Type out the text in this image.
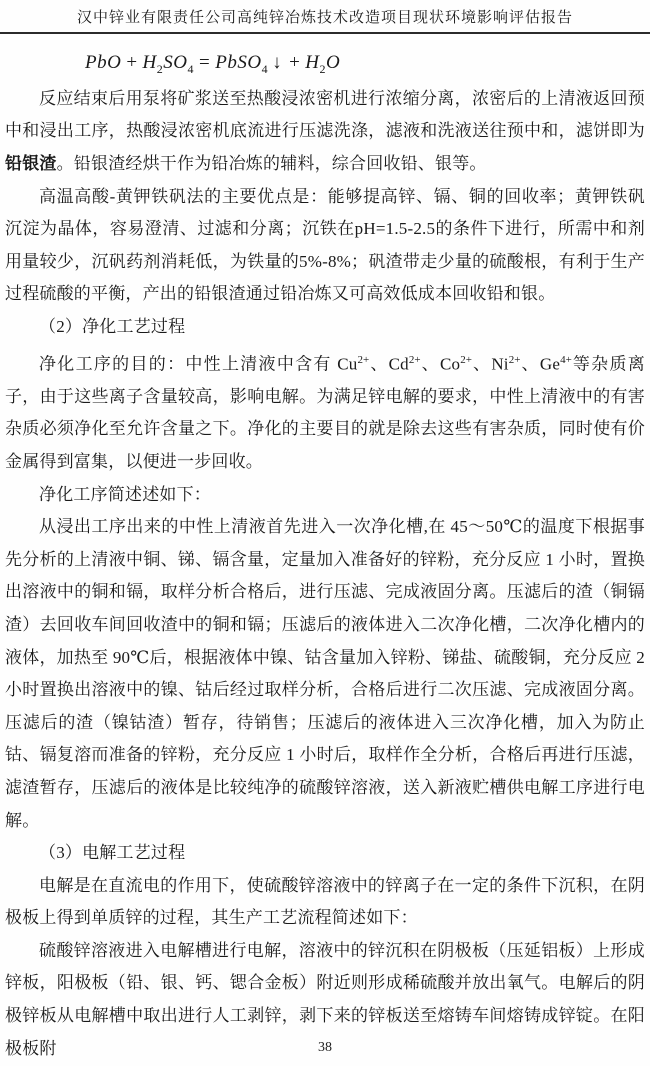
汉中锌业有限责任公司高纯锌冶炼技术改造项目现状环境影响评估报告
PbO + $H_2SO_4$ = PbSO$_4$ ↓ + $H_2O$

反应结束后用泵将矿浆送至热酸浸浓密机进行浓缩分离，浓密后的上清液返回预中和浸出工序，热酸浸浓密机底流进行压滤洗涤，滤液和洗液送往预中和，滤饼即为铅银渣。铅银渣经烘干作为铅冶炼的辅料，综合回收铅、银等。

高温高酸-黄钾铁矾法的主要优点是：能够提高锌、镉、铜的回收率；黄钾铁矾沉淀为晶体，容易澄清、过滤和分离；沉铁在pH=1.5-2.5的条件下进行，所需中和剂用量较少，沉矾药剂消耗低，为铁量的5%-8%；矾渣带走少量的硫酸根，有利于生产过程硫酸的平衡，产出的铅银渣通过铅冶炼又可高效低成本回收铅和银。

（2）净化工艺过程

净化工序的目的：中性上清液中含有 $Cu^{2+}$、$Cd^{2+}$、$Co^{2+}$、$Ni^{2+}$、$Ge^{4+}$等杂质离子，由于这些离子含量较高，影响电解。为满足锌电解的要求，中性上清液中的有害杂质必须净化至允许含量之下。净化的主要目的就是除去这些有害杂质，同时使有价金属得到富集，以便进一步回收。

净化工序简述述如下：

从浸出工序出来的中性上清液首先进入一次净化槽,在 45～50℃的温度下根据事先分析的上清液中铜、锑、镉含量，定量加入准备好的锌粉，充分反应 1 小时，置换出溶液中的铜和镉，取样分析合格后，进行压滤、完成液固分离。压滤后的渣（铜镉渣）去回收车间回收渣中的铜和镉；压滤后的液体进入二次净化槽，二次净化槽内的液体，加热至 90℃后，根据液体中镍、钴含量加入锌粉、锑盐、硫酸铜，充分反应 2 小时置换出溶液中的镍、钴后经过取样分析，合格后进行二次压滤、完成液固分离。压滤后的渣（镍钴渣）暂存，待销售；压滤后的液体进入三次净化槽，加入为防止钴、镉复溶而准备的锌粉，充分反应 1 小时后，取样作全分析，合格后再进行压滤，滤渣暂存，压滤后的液体是比较纯净的硫酸锌溶液，送入新液贮槽供电解工序进行电解。

（3）电解工艺过程

电解是在直流电的作用下，使硫酸锌溶液中的锌离子在一定的条件下沉积，在阴极板上得到单质锌的过程，其生产工艺流程简述如下：

硫酸锌溶液进入电解槽进行电解，溶液中的锌沉积在阴极板（压延铝板）上形成锌板，阳极板（铅、银、钙、锶合金板）附近则形成稀硫酸并放出氧气。电解后的阴极锌板从电解槽中取出进行人工剥锌，剥下来的锌板送至熔铸车间熔铸成锌锭。在阳极板附	38
